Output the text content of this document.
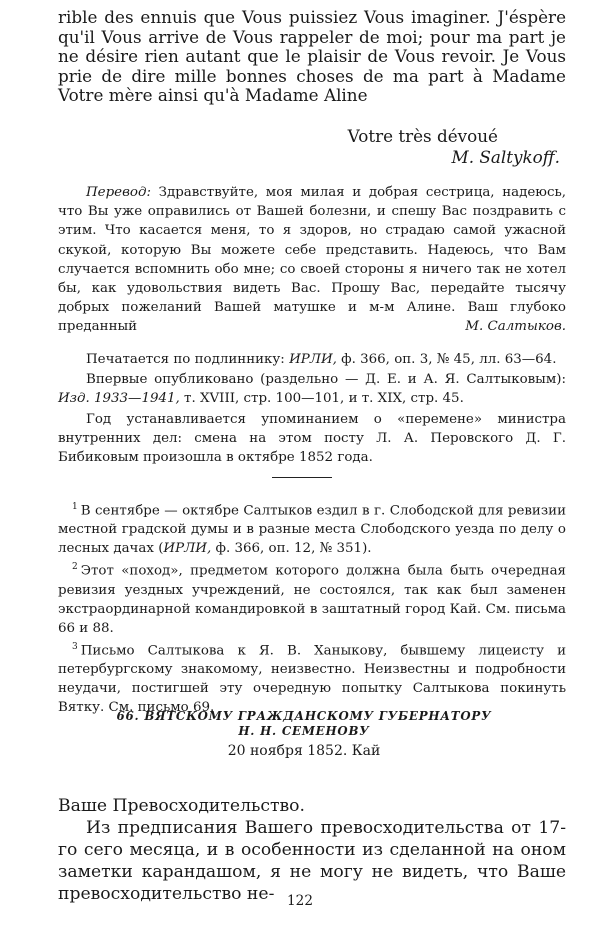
rible des ennuis que Vous puissiez Vous imaginer. J'éspère qu'il Vous arrive de Vous rappeler de moi; pour ma part je ne désire rien autant que le plaisir de Vous revoir. Je Vous prie de dire mille bonnes choses de ma part à Madame Votre mère ainsi qu'à Madame Aline

Votre très dévoué
M. Saltykoff.

Перевод: Здравствуйте, моя милая и добрая сестрица, надеюсь, что Вы уже оправились от Вашей болезни, и спешу Вас поздравить с этим. Что касается меня, то я здоров, но страдаю самой ужасной скукой, которую Вы можете себе представить. Надеюсь, что Вам случается вспомнить обо мне; со своей стороны я ничего так не хотел бы, как удовольствия видеть Вас. Прошу Вас, передайте тысячу добрых пожеланий Вашей матушке и м-м Алине. Ваш глубоко преданный	М. Салтыков.

Печатается по подлиннику: ИРЛИ, ф. 366, оп. 3, № 45, лл. 63—64.

Впервые опубликовано (раздельно — Д. Е. и А. Я. Салтыковым): Изд. 1933—1941, т. XVIII, стр. 100—101, и т. XIX, стр. 45.

Год устанавливается упоминанием о «перемене» министра внутренних дел: смена на этом посту Л. А. Перовского Д. Г. Бибиковым произошла в октябре 1852 года.

$^1$ В сентябре — октябре Салтыков ездил в г. Слободской для ревизии местной градской думы и в разные места Слободского уезда по делу о лесных дачах (ИРЛИ, ф. 366, оп. 12, № 351).

$^2$ Этот «поход», предметом которого должна была быть очередная ревизия уездных учреждений, не состоялся, так как был заменен экстраординарной командировкой в заштатный город Кай. См. письма 66 и 88.

$^3$ Письмо Салтыкова к Я. В. Ханыкову, бывшему лицеисту и петербургскому знакомому, неизвестно. Неизвестны и подробности неудачи, постигшей эту очередную попытку Салтыкова покинуть Вятку. См. письмо 69.

66. ВЯТСКОМУ ГРАЖДАНСКОМУ ГУБЕРНАТОРУ
Н. Н. СЕМЕНОВУ
20 ноября 1852. Кай

Ваше Превосходительство.

Из предписания Вашего превосходительства от 17-го сего месяца, и в особенности из сделанной на оном заметки карандашом, я не могу не видеть, что Ваше превосходительство не- 122
